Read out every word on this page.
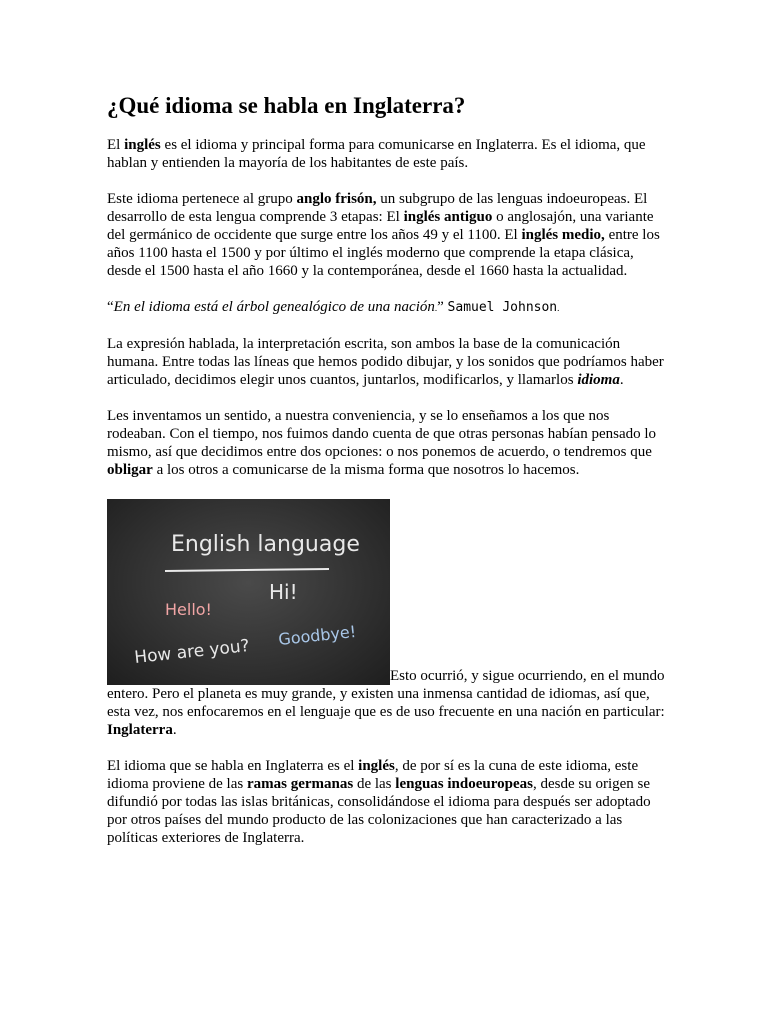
¿Qué idioma se habla en Inglaterra?

El inglés es el idioma y principal forma para comunicarse en Inglaterra. Es el idioma, que hablan y entienden la mayoría de los habitantes de este país.

Este idioma pertenece al grupo anglo frisón, un subgrupo de las lenguas indoeuropeas. El desarrollo de esta lengua comprende 3 etapas: El inglés antiguo o anglosajón, una variante del germánico de occidente que surge entre los años 49 y el 1100. El inglés medio, entre los años 1100 hasta el 1500 y por último el inglés moderno que comprende la etapa clásica, desde el 1500 hasta el año 1660 y la contemporánea, desde el 1660 hasta la actualidad.

“En el idioma está el árbol genealógico de una nación.” Samuel Johnson.

La expresión hablada, la interpretación escrita, son ambos la base de la comunicación humana. Entre todas las líneas que hemos podido dibujar, y los sonidos que podríamos haber articulado, decidimos elegir unos cuantos, juntarlos, modificarlos, y llamarlos idioma.

Les inventamos un sentido, a nuestra conveniencia, y se lo enseñamos a los que nos rodeaban. Con el tiempo, nos fuimos dando cuenta de que otras personas habían pensado lo mismo, así que decidimos entre dos opciones: o nos ponemos de acuerdo, o tendremos que obligar a los otros a comunicarse de la misma forma que nosotros lo hacemos.

English language
Hello!
Hi!
Goodbye!
How are you?
Esto ocurrió, y sigue ocurriendo, en el mundo entero. Pero el planeta es muy grande, y existen una inmensa cantidad de idiomas, así que, esta vez, nos enfocaremos en el lenguaje que es de uso frecuente en una nación en particular: Inglaterra.

El idioma que se habla en Inglaterra es el inglés, de por sí es la cuna de este idioma, este idioma proviene de las ramas germanas de las lenguas indoeuropeas, desde su origen se difundió por todas las islas británicas, consolidándose el idioma para después ser adoptado por otros países del mundo producto de las colonizaciones que han caracterizado a las políticas exteriores de Inglaterra.
